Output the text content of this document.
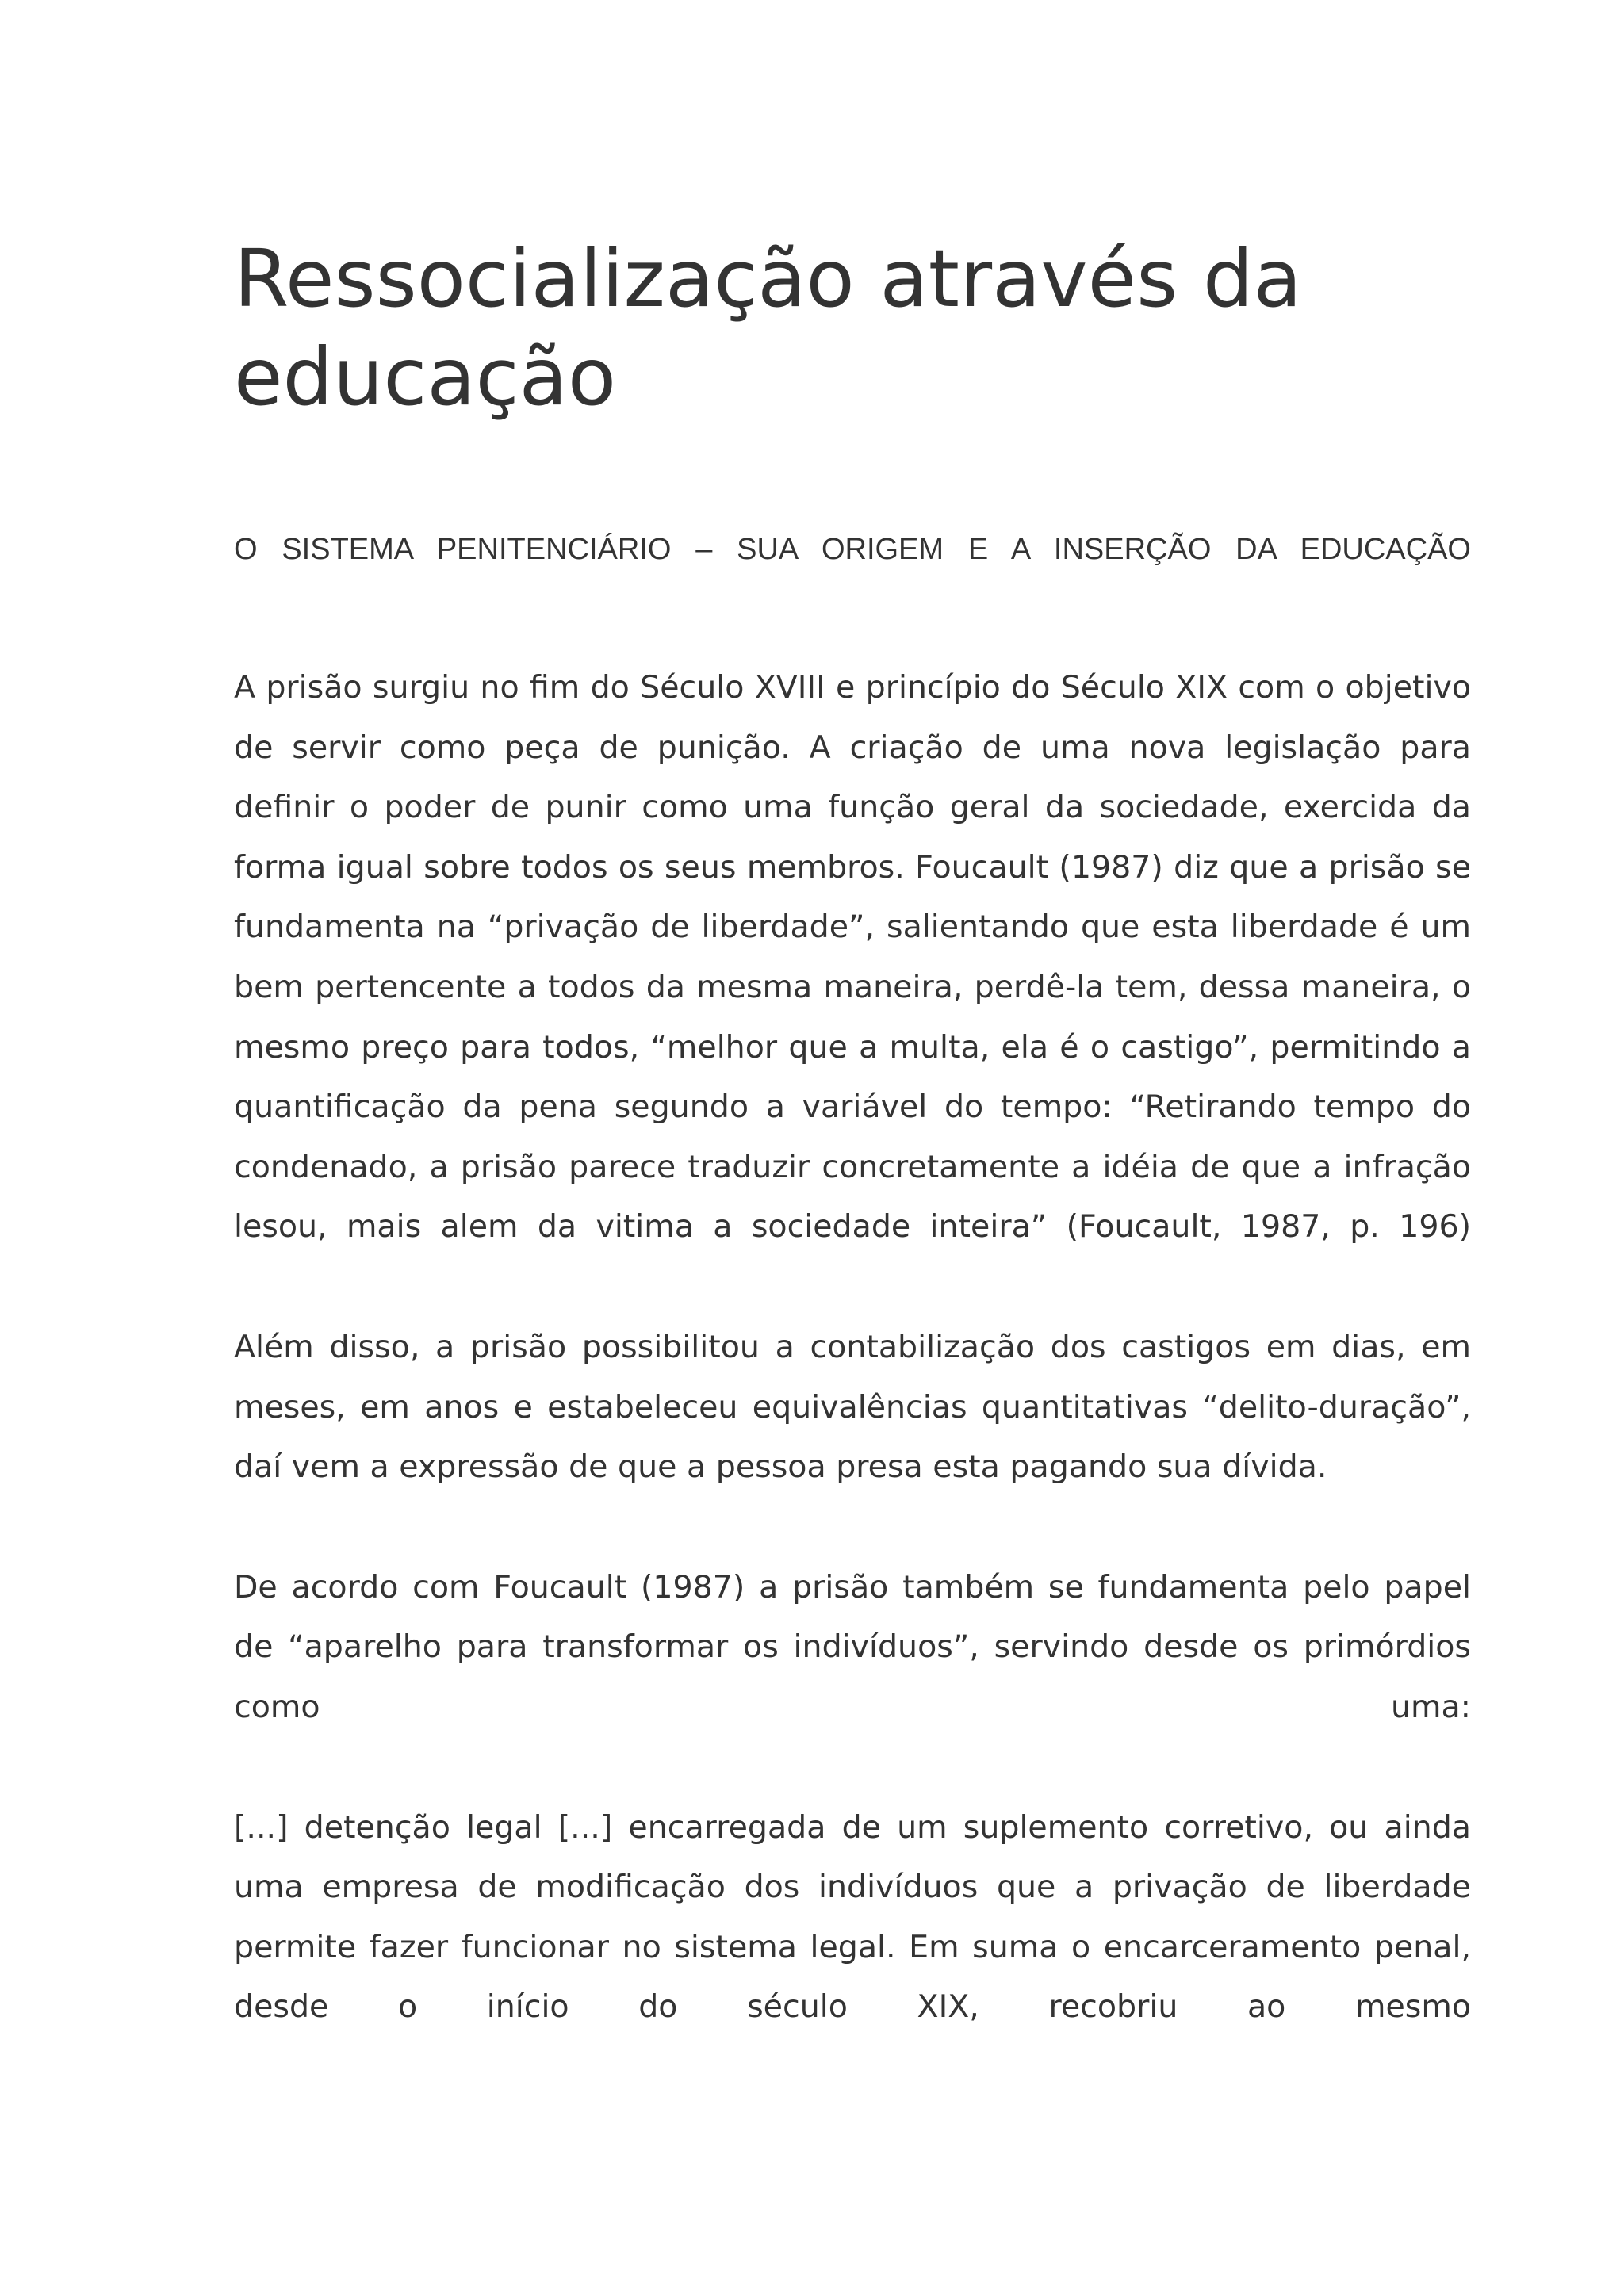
Ressocialização através da educação
O SISTEMA PENITENCIÁRIO – SUA ORIGEM E A INSERÇÃO DA EDUCAÇÃO

A prisão surgiu no fim do Século XVIII e princípio do Século XIX com o objetivo de servir como peça de punição. A criação de uma nova legislação para definir o poder de punir como uma função geral da sociedade, exercida da forma igual sobre todos os seus membros. Foucault (1987) diz que a prisão se fundamenta na “privação de liberdade”, salientando que esta liberdade é um bem pertencente a todos da mesma maneira, perdê-la tem, dessa maneira, o mesmo preço para todos, “melhor que a multa, ela é o castigo”, permitindo a quantificação da pena segundo a variável do tempo: “Retirando tempo do condenado, a prisão parece traduzir concretamente a idéia de que a infração lesou, mais alem da vitima a sociedade inteira” (Foucault, 1987, p. 196)

Além disso, a prisão possibilitou a contabilização dos castigos em dias, em meses, em anos e estabeleceu equivalências quantitativas “delito-duração”, daí vem a expressão de que a pessoa presa esta pagando sua dívida.

De acordo com Foucault (1987) a prisão também se fundamenta pelo papel de “aparelho para transformar os indivíduos”, servindo desde os primórdios como uma:

[...] detenção legal [...] encarregada de um suplemento corretivo, ou ainda uma empresa de modificação dos indivíduos que a privação de liberdade permite fazer funcionar no sistema legal. Em suma o encarceramento penal, desde o início do século XIX, recobriu ao mesmo
